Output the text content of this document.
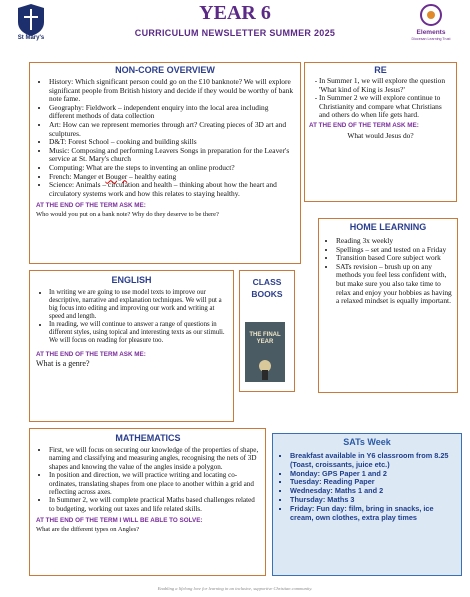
St Mary's
Elements
Diocesan Learning Trust
YEAR 6
CURRICULUM NEWSLETTER SUMMER 2025
NON-CORE OVERVIEW
• History: Which significant person could go on the £10 banknote? We will explore significant people from British history and decide if they would be worthy of bank note fame.
• Geography: Fieldwork – independent enquiry into the local area including different methods of data collection
• Art: How can we represent memories through art? Creating pieces of 3D art and sculptures.
• D&T: Forest School – cooking and building skills
• Music: Composing and performing Leavers Songs in preparation for the Leaver's service at St. Mary's church
• Computing: What are the steps to inventing an online product?
• French: Manger et Bouger – healthy eating
• Science: Animals – circulation and health – thinking about how the heart and circulatory systems work and how this relates to staying healthy.
AT THE END OF THE TERM ASK ME:
Who would you put on a bank note? Why do they deserve to be there?
RE
- In Summer 1, we will explore the question 'What kind of King is Jesus?'
- In Summer 2 we will explore continue to Christianity and compare what Christians and others do when life gets hard.
AT THE END OF THE TERM ASK ME:
What would Jesus do?
HOME LEARNING
• Reading 3x weekly
• Spellings – set and tested on a Friday
• Transition based Core subject work
• SATs revision – brush up on any methods you feel less confident with, but make sure you also take time to relax and enjoy your hobbies as having a relaxed mindset is equally important.
ENGLISH
• In writing we are going to use model texts to improve our descriptive, narrative and explanation techniques. We will put a big focus into editing and improving our work and writing at speed and length.
• In reading, we will continue to answer a range of questions in different styles, using topical and interesting texts as our stimuli. We will focus on reading for pleasure too.
AT THE END OF THE TERM ASK ME:
What is a genre?
CLASS
BOOKS
THE FINAL YEAR
MATHEMATICS
• First, we will focus on securing our knowledge of the properties of shape, naming and classifying and measuring angles, recognising the nets of 3D shapes and knowing the value of the angles inside a polygon.
• In position and direction, we will practice writing and locating co-ordinates, translating shapes from one place to another within a grid and reflecting across axes.
• In Summer 2, we will complete practical Maths based challenges related to budgeting, working out taxes and life related skills.
AT THE END OF THE TERM I WILL BE ABLE TO SOLVE:
What are the different types on Angles?
SATs Week
▪ Breakfast available in Y6 classroom from 8.25 (Toast, croissants, juice etc.)
▪ Monday: GPS Paper 1 and 2
▪ Tuesday: Reading Paper
▪ Wednesday: Maths 1 and 2
▪ Thursday: Maths 3
▪ Friday: Fun day: film, bring in snacks, ice cream, own clothes, extra play times
Enabling a lifelong love for learning in an inclusive, supportive Christian community.
